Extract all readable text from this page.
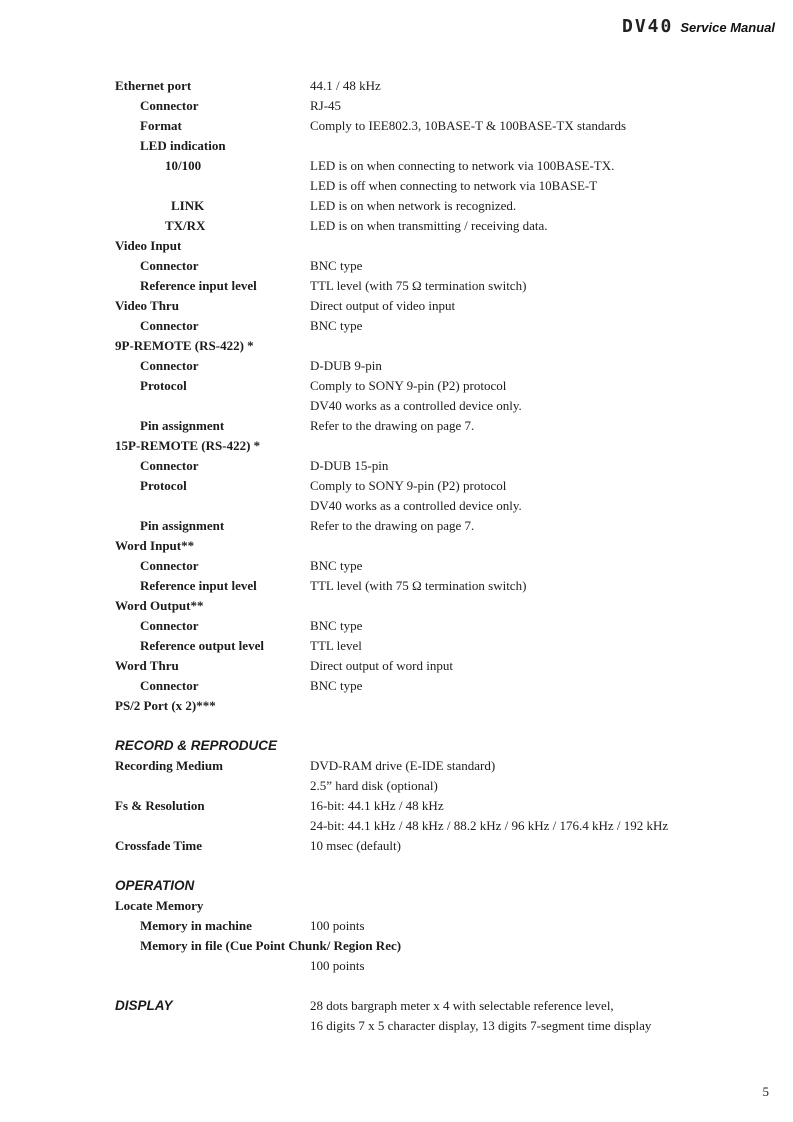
DV40 Service Manual
Ethernet port	44.1 / 48 kHz
Connector	RJ-45
Format	Comply to IEE802.3, 10BASE-T & 100BASE-TX standards
LED indication
10/100	LED is on when connecting to network via 100BASE-TX.
LED is off when connecting to network via 10BASE-T
LINK	LED is on when network is recognized.
TX/RX	LED is on when transmitting / receiving data.
Video Input
Connector	BNC type
Reference input level	TTL level (with 75 Ω termination switch)
Video Thru	Direct output of video input
Connector	BNC type
9P-REMOTE (RS-422) *
Connector	D-DUB 9-pin
Protocol	Comply to SONY 9-pin (P2) protocol
DV40 works as a controlled device only.
Pin assignment	Refer to the drawing on page 7.
15P-REMOTE (RS-422) *
Connector	D-DUB 15-pin
Protocol	Comply to SONY 9-pin (P2) protocol
DV40 works as a controlled device only.
Pin assignment	Refer to the drawing on page 7.
Word Input**
Connector	BNC type
Reference input level	TTL level (with 75 Ω termination switch)
Word Output**
Connector	BNC type
Reference output level	TTL level
Word Thru	Direct output of word input
Connector	BNC type
PS/2 Port (x 2)***
RECORD & REPRODUCE
Recording Medium	DVD-RAM drive (E-IDE standard)
2.5” hard disk (optional)
Fs & Resolution	16-bit: 44.1 kHz / 48 kHz
24-bit: 44.1 kHz / 48 kHz / 88.2 kHz / 96 kHz / 176.4 kHz / 192 kHz
Crossfade Time	10 msec (default)
OPERATION
Locate Memory
Memory in machine	100 points
Memory in file (Cue Point Chunk/ Region Rec)
100 points
DISPLAY	28 dots bargraph meter x 4 with selectable reference level,
16 digits 7 x 5 character display, 13 digits 7-segment time display
5
